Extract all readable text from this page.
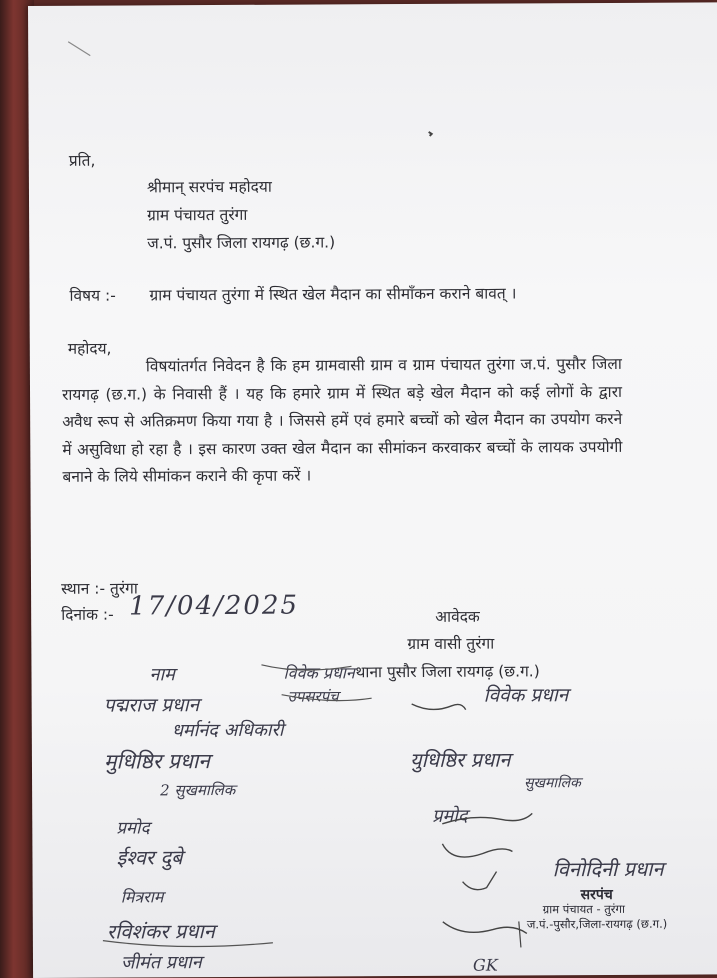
प्रति,
श्रीमान् सरपंच महोदया
ग्राम पंचायत तुरंगा
ज.पं. पुसौर जिला रायगढ़ (छ.ग.)
विषय :- ग्राम पंचायत तुरंगा में स्थित खेल मैदान का सीमाँकन कराने बावत् ।
महोदय,
विषयांतर्गत निवेदन है कि हम ग्रामवासी ग्राम व ग्राम पंचायत तुरंगा ज.पं. पुसौर जिला रायगढ़ (छ.ग.) के निवासी हैं । यह कि हमारे ग्राम में स्थित बड़े खेल मैदान को कई लोगों के द्वारा अवैध रूप से अतिक्रमण किया गया है । जिससे हमें एवं हमारे बच्चों को खेल मैदान का उपयोग करने में असुविधा हो रहा है । इस कारण उक्त खेल मैदान का सीमांकन करवाकर बच्चों के लायक उपयोगी बनाने के लिये सीमांकन कराने की कृपा करें ।
स्थान :- तुरंगा
दिनांक :- 17/04/2025	आवेदक
ग्राम वासी तुरंगा
थाना पुसौर जिला रायगढ़ (छ.ग.)
नाम
पद्मराज प्रधान
धर्मानंद अधिकारी
मुधिष्ठिर प्रधान
2 सुखमालिक
प्रमोद
ईश्वर दुबे
मित्रराम
रविशंकर प्रधान
जीमंत प्रधान
विवेक प्रधान
उपसरपंच	विवेक प्रधान
युधिष्ठिर प्रधान
सुखमालिक
प्रमोद
GK
विनोदिनी प्रधान
सरपंच
ग्राम पंचायत - तुरंगा
ज.पं.-पुसौर,जिला-रायगढ़ (छ.ग.)
